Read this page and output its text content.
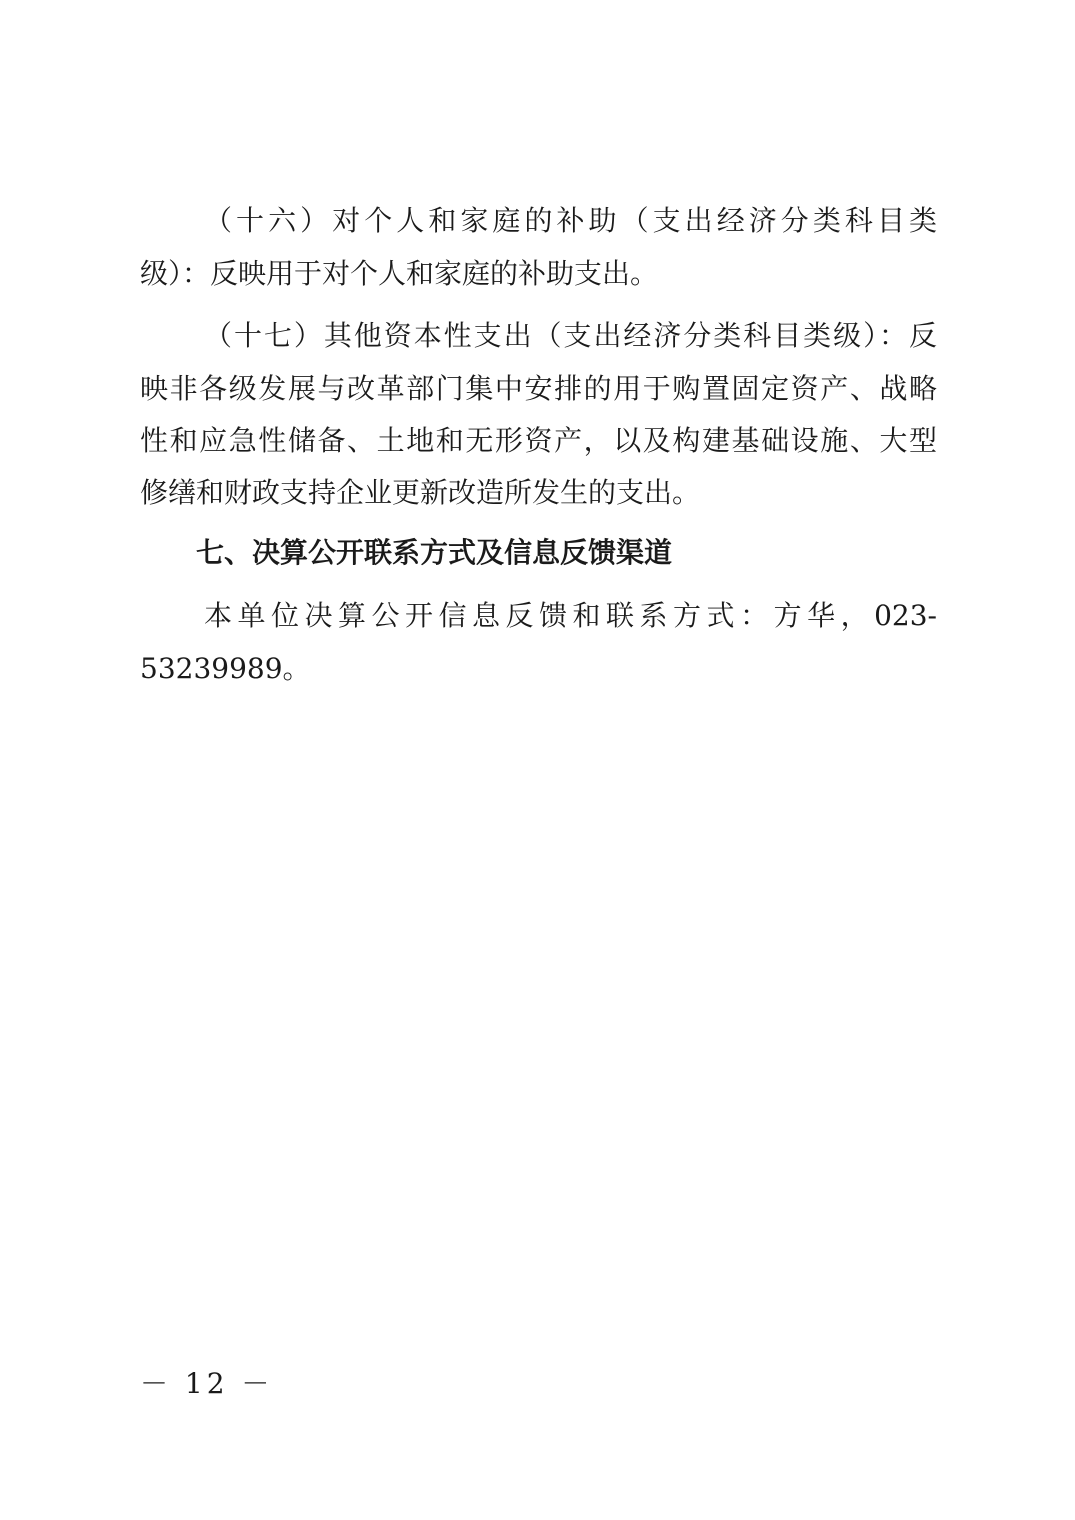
（十六）对个人和家庭的补助（支出经济分类科目类
级）：反映用于对个人和家庭的补助支出。
（十七）其他资本性支出（支出经济分类科目类级）：反
映非各级发展与改革部门集中安排的用于购置固定资产、战略
性和应急性储备、土地和无形资产，以及构建基础设施、大型
修缮和财政支持企业更新改造所发生的支出。
七、决算公开联系方式及信息反馈渠道
本单位决算公开信息反馈和联系方式：方华，023-
53239989。
－ 12 －
